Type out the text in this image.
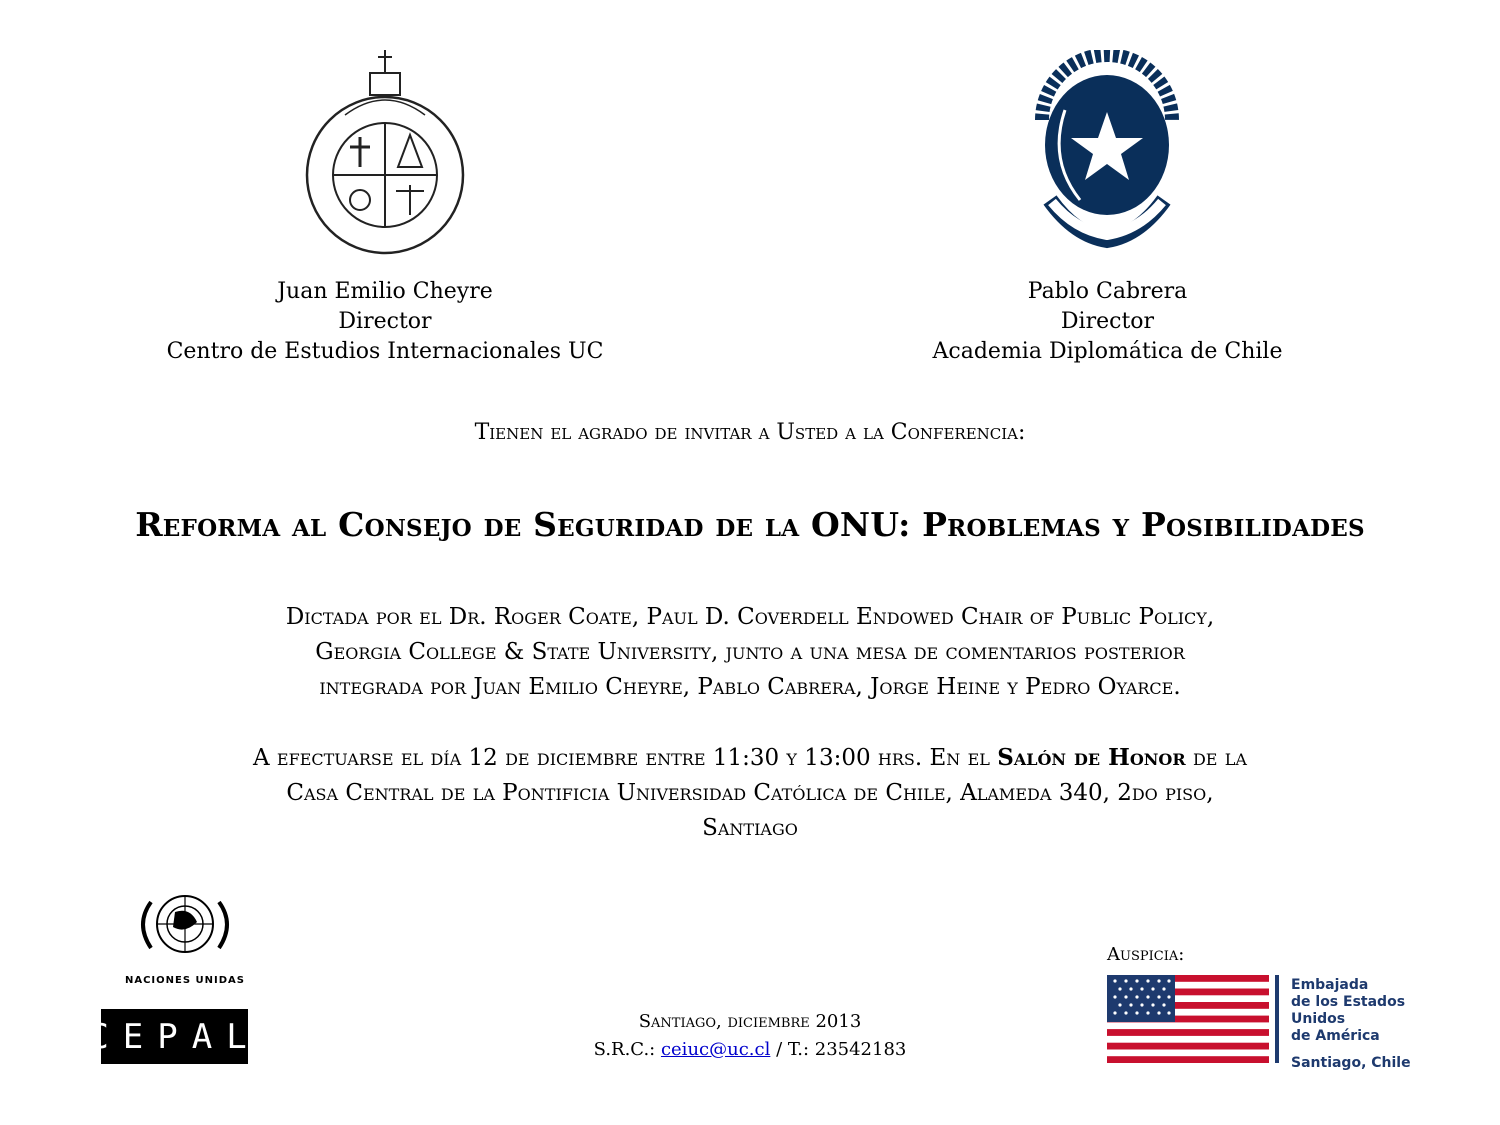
Juan Emilio Cheyre
Director
Centro de Estudios Internacionales UC
Pablo Cabrera
Director
Academia Diplomática de Chile
Tienen el agrado de invitar a Usted a la Conferencia:
Reforma al Consejo de Seguridad de la ONU: Problemas y Posibilidades
Dictada por el Dr. Roger Coate, Paul D. Coverdell Endowed Chair of Public Policy,
Georgia College & State University, junto a una mesa de comentarios posterior
integrada por Juan Emilio Cheyre, Pablo Cabrera, Jorge Heine y Pedro Oyarce.
A efectuarse el día 12 de diciembre entre 11:30 y 13:00 hrs. En el Salón de Honor de la
Casa Central de la Pontificia Universidad Católica de Chile, Alameda 340, 2do piso,
Santiago
NACIONES UNIDAS
CEPAL	Santiago, diciembre 2013
S.R.C.: ceiuc@uc.cl / T.: 23542183
Auspicia:
Embajada
de los Estados Unidos
de América
Santiago, Chile
